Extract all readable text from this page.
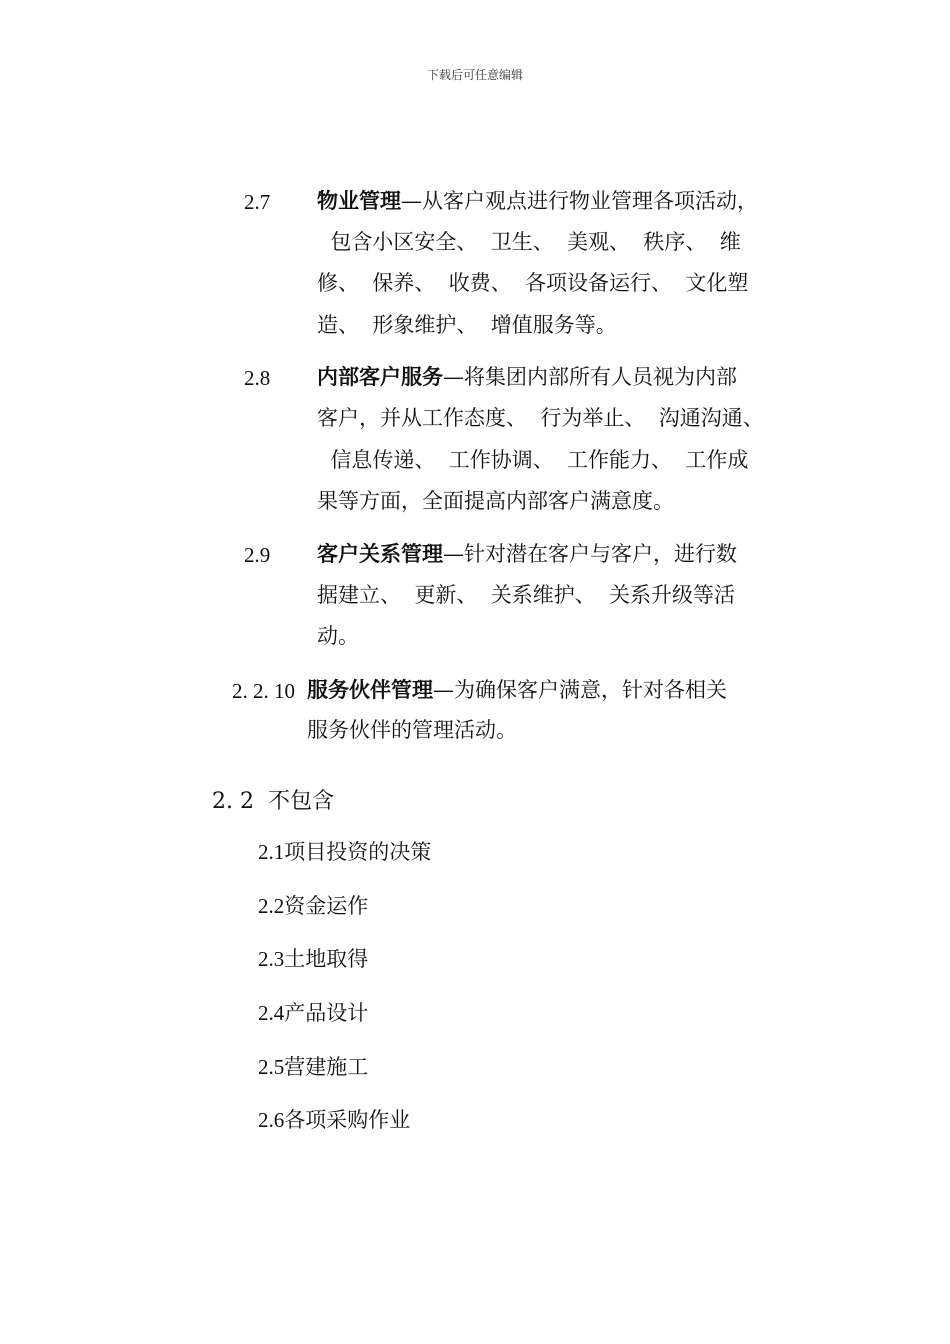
下载后可任意编辑
2.7 物业管理—从客户观点进行物业管理各项活动，
包含小区安全、  卫生、  美观、  秩序、  维
修、  保养、  收费、  各项设备运行、  文化塑
造、  形象维护、  增值服务等。
2.8 内部客户服务—将集团内部所有人员视为内部
客户，并从工作态度、  行为举止、  沟通沟通、
信息传递、  工作协调、  工作能力、  工作成
果等方面，全面提高内部客户满意度。
2.9 客户关系管理—针对潜在客户与客户，进行数
据建立、  更新、  关系维护、  关系升级等活
动。
2. 2. 10 服务伙伴管理—为确保客户满意，针对各相关
服务伙伴的管理活动。
2. 2 不包含
2.1项目投资的决策
2.2资金运作
2.3土地取得
2.4产品设计
2.5营建施工
2.6各项采购作业
